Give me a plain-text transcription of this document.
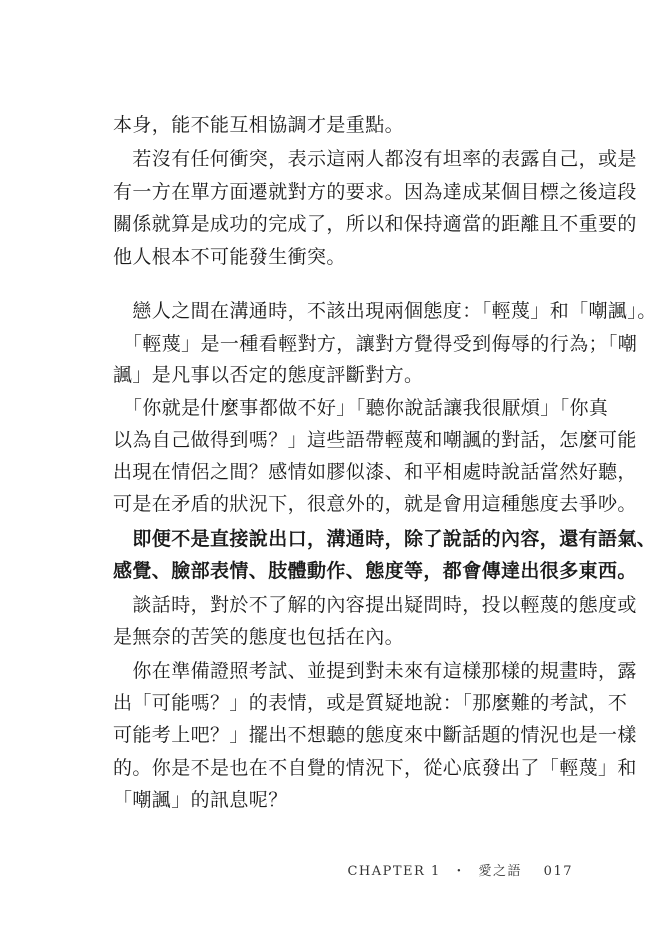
本身，能不能互相協調才是重點。
　若沒有任何衝突，表示這兩人都沒有坦率的表露自己，或是
有一方在單方面遷就對方的要求。因為達成某個目標之後這段
關係就算是成功的完成了，所以和保持適當的距離且不重要的
他人根本不可能發生衝突。
　戀人之間在溝通時，不該出現兩個態度：「輕蔑」和「嘲諷」。
　「輕蔑」是一種看輕對方，讓對方覺得受到侮辱的行為；「嘲
諷」是凡事以否定的態度評斷對方。
　「你就是什麼事都做不好」「聽你說話讓我很厭煩」「你真
以為自己做得到嗎？」這些語帶輕蔑和嘲諷的對話，怎麼可能
出現在情侶之間？感情如膠似漆、和平相處時說話當然好聽，
可是在矛盾的狀況下，很意外的，就是會用這種態度去爭吵。
　即便不是直接說出口，溝通時，除了說話的內容，還有語氣、
感覺、臉部表情、肢體動作、態度等，都會傳達出很多東西。
　談話時，對於不了解的內容提出疑問時，投以輕蔑的態度或
是無奈的苦笑的態度也包括在內。
　你在準備證照考試、並提到對未來有這樣那樣的規畫時，露
出「可能嗎？」的表情，或是質疑地說：「那麼難的考試，不
可能考上吧？」擺出不想聽的態度來中斷話題的情況也是一樣
的。你是不是也在不自覺的情況下，從心底發出了「輕蔑」和
「嘲諷」的訊息呢？
CHAPTER 1 ・ 愛之語 017
